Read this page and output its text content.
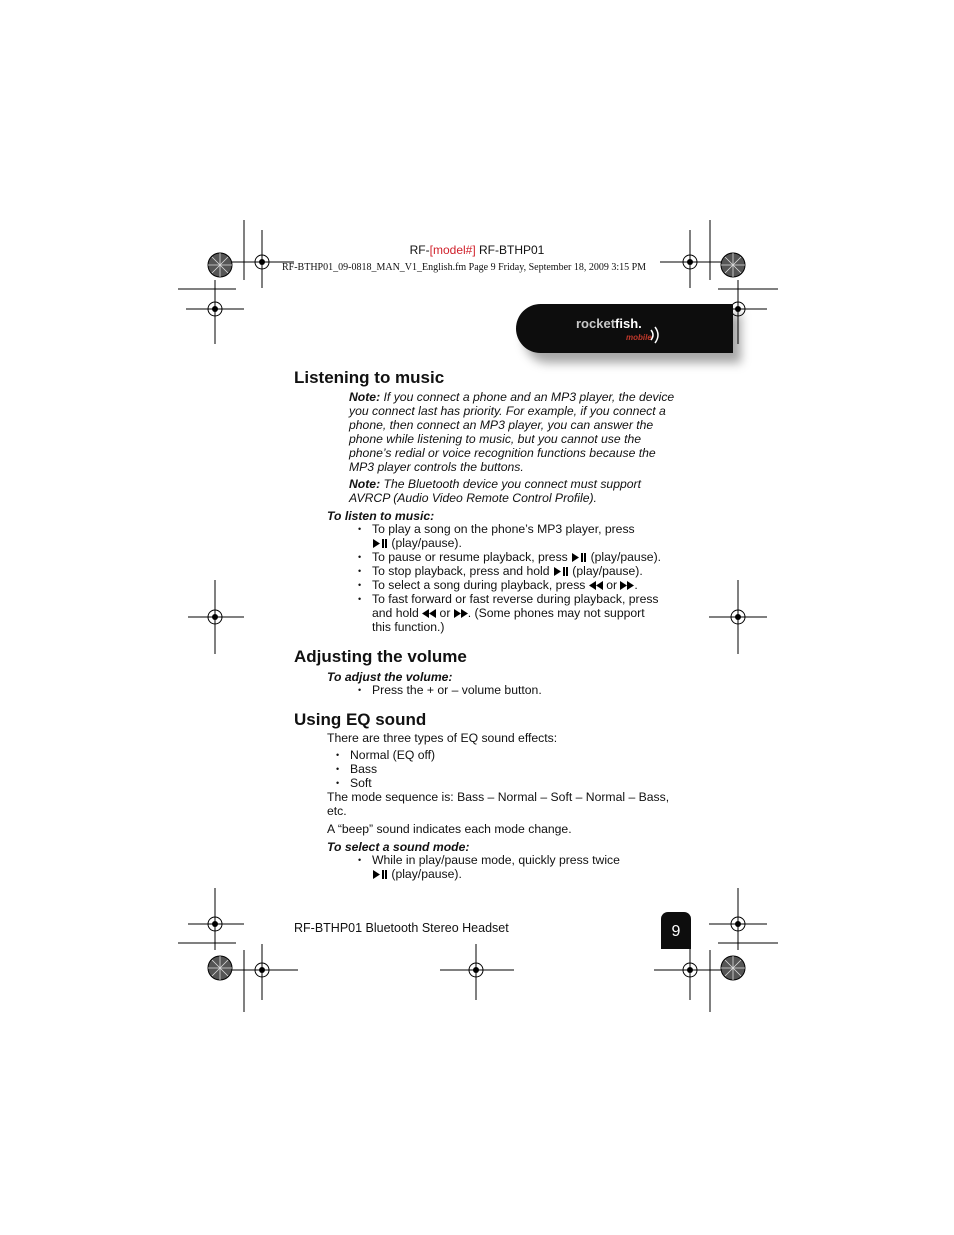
RF-[model#] RF-BTHP01
RF-BTHP01_09-0818_MAN_V1_English.fm Page 9 Friday, September 18, 2009 3:15 PM
rocketfish.
mobile
Listening to music
Note: If you connect a phone and an MP3 player, the device you connect last has priority. For example, if you connect a phone, then connect an MP3 player, you can answer the phone while listening to music, but you cannot use the phone’s redial or voice recognition functions because the MP3 player controls the buttons.
Note: The Bluetooth device you connect must support AVRCP (Audio Video Remote Control Profile).
To listen to music:
• To play a song on the phone’s MP3 player, press
(play/pause).
• To pause or resume playback, press (play/pause).
• To stop playback, press and hold (play/pause).
• To select a song during playback, press or .
• To fast forward or fast reverse during playback, press
and hold or . (Some phones may not support
this function.)
Adjusting the volume
To adjust the volume:
• Press the + or – volume button.
Using EQ sound
There are three types of EQ sound effects:
• Normal (EQ off)
• Bass
• Soft
The mode sequence is: Bass – Normal – Soft – Normal – Bass, etc.
A “beep” sound indicates each mode change.
To select a sound mode:
• While in play/pause mode, quickly press twice
(play/pause).
RF-BTHP01 Bluetooth Stereo Headset	9
